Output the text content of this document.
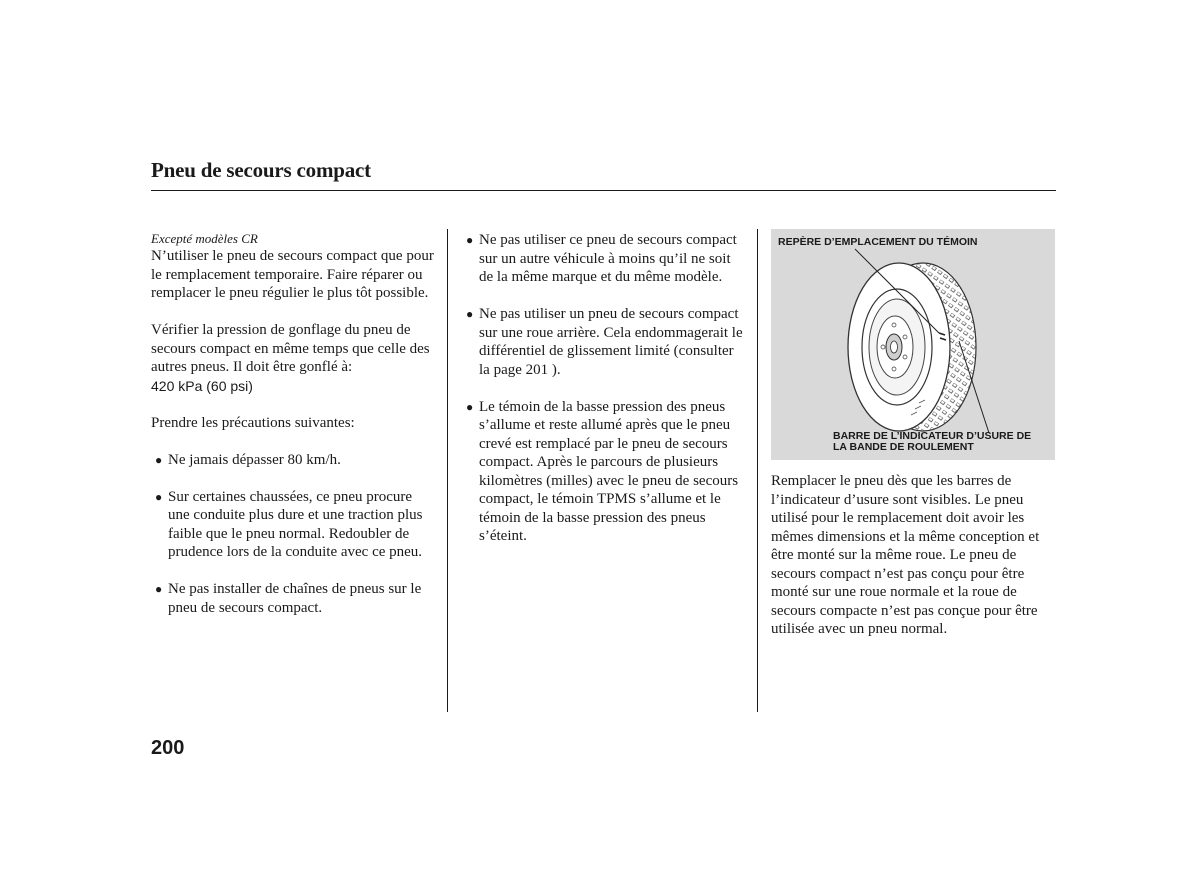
Pneu de secours compact

Excepté modèles CR

N’utiliser le pneu de secours compact que pour le remplacement temporaire. Faire réparer ou remplacer le pneu régulier le plus tôt possible.

Vérifier la pression de gonflage du pneu de secours compact en même temps que celle des autres pneus. Il doit être gonflé à:

420 kPa (60 psi)

Prendre les précautions suivantes:

● Ne jamais dépasser 80 km/h.
● Sur certaines chaussées, ce pneu procure une conduite plus dure et une traction plus faible que le pneu normal. Redoubler de prudence lors de la conduite avec ce pneu.
● Ne pas installer de chaînes de pneus sur le pneu de secours compact.
● Ne pas utiliser ce pneu de secours compact sur un autre véhicule à moins qu’il ne soit de la même marque et du même modèle.
● Ne pas utiliser un pneu de secours compact sur une roue arrière. Cela endommagerait le différentiel de glissement limité (consulter la page 201 ).
● Le témoin de la basse pression des pneus s’allume et reste allumé après que le pneu crevé est remplacé par le pneu de secours compact. Après le parcours de plusieurs kilomètres (milles) avec le pneu de secours compact, le témoin TPMS s’allume et le témoin de la basse pression des pneus s’éteint.
REPÈRE D’EMPLACEMENT DU TÉMOIN
BARRE DE L’INDICATEUR D’USURE DE
LA BANDE DE ROULEMENT

Remplacer le pneu dès que les barres de l’indicateur d’usure sont visibles. Le pneu utilisé pour le remplacement doit avoir les mêmes dimensions et la même conception et être monté sur la même roue. Le pneu de secours compact n’est pas conçu pour être monté sur une roue normale et la roue de secours compacte n’est pas conçue pour être utilisée avec un pneu normal.

200
